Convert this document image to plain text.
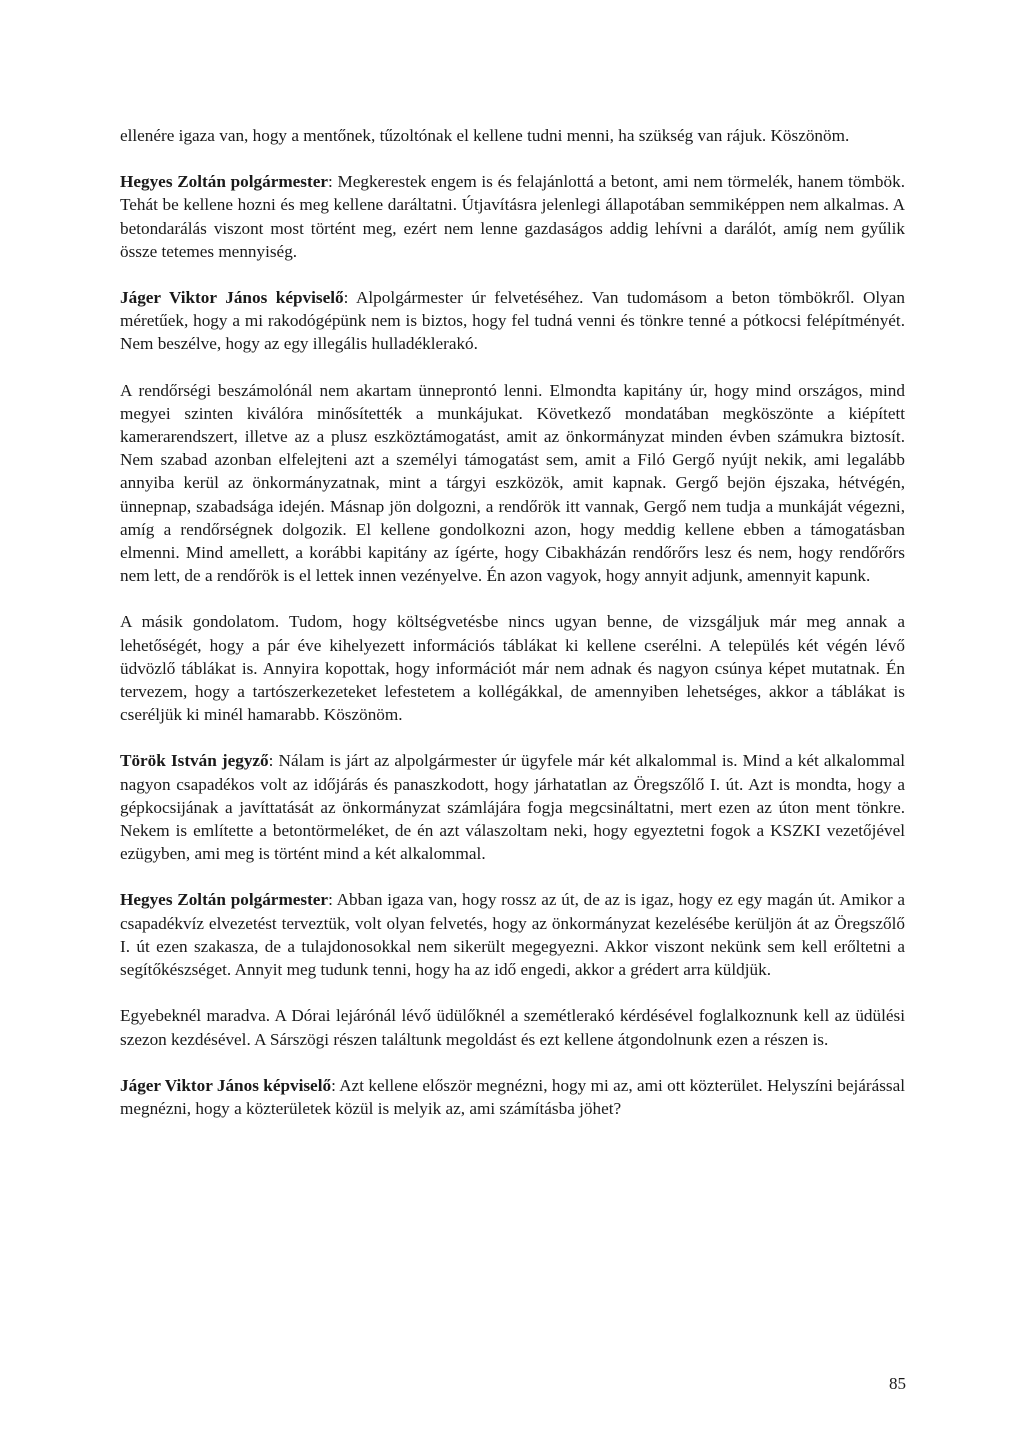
ellenére igaza van, hogy a mentőnek, tűzoltónak el kellene tudni menni, ha szükség van rájuk. Köszönöm.

Hegyes Zoltán polgármester: Megkerestek engem is és felajánlottá a betont, ami nem törmelék, hanem tömbök. Tehát be kellene hozni és meg kellene daráltatni. Útjavításra jelenlegi állapotában semmiképpen nem alkalmas. A betondarálás viszont most történt meg, ezért nem lenne gazdaságos addig lehívni a darálót, amíg nem gyűlik össze tetemes mennyiség.

Jáger Viktor János képviselő: Alpolgármester úr felvetéséhez. Van tudomásom a beton tömbökről. Olyan méretűek, hogy a mi rakodógépünk nem is biztos, hogy fel tudná venni és tönkre tenné a pótkocsi felépítményét. Nem beszélve, hogy az egy illegális hulladéklerakó.

A rendőrségi beszámolónál nem akartam ünneprontó lenni. Elmondta kapitány úr, hogy mind országos, mind megyei szinten kiválóra minősítették a munkájukat. Következő mondatában megköszönte a kiépített kamerarendszert, illetve az a plusz eszköztámogatást, amit az önkormányzat minden évben számukra biztosít. Nem szabad azonban elfelejteni azt a személyi támogatást sem, amit a Filó Gergő nyújt nekik, ami legalább annyiba kerül az önkormányzatnak, mint a tárgyi eszközök, amit kapnak. Gergő bejön éjszaka, hétvégén, ünnepnap, szabadsága idején. Másnap jön dolgozni, a rendőrök itt vannak, Gergő nem tudja a munkáját végezni, amíg a rendőrségnek dolgozik. El kellene gondolkozni azon, hogy meddig kellene ebben a támogatásban elmenni. Mind amellett, a korábbi kapitány az ígérte, hogy Cibakházán rendőrőrs lesz és nem, hogy rendőrőrs nem lett, de a rendőrök is el lettek innen vezényelve. Én azon vagyok, hogy annyit adjunk, amennyit kapunk.

A másik gondolatom. Tudom, hogy költségvetésbe nincs ugyan benne, de vizsgáljuk már meg annak a lehetőségét, hogy a pár éve kihelyezett információs táblákat ki kellene cserélni. A település két végén lévő üdvözlő táblákat is. Annyira kopottak, hogy információt már nem adnak és nagyon csúnya képet mutatnak. Én tervezem, hogy a tartószerkezeteket lefestetem a kollégákkal, de amennyiben lehetséges, akkor a táblákat is cseréljük ki minél hamarabb. Köszönöm.

Török István jegyző: Nálam is járt az alpolgármester úr ügyfele már két alkalommal is. Mind a két alkalommal nagyon csapadékos volt az időjárás és panaszkodott, hogy járhatatlan az Öregszőlő I. út. Azt is mondta, hogy a gépkocsijának a javíttatását az önkormányzat számlájára fogja megcsináltatni, mert ezen az úton ment tönkre. Nekem is említette a betontörmeléket, de én azt válaszoltam neki, hogy egyeztetni fogok a KSZKI vezetőjével ezügyben, ami meg is történt mind a két alkalommal.

Hegyes Zoltán polgármester: Abban igaza van, hogy rossz az út, de az is igaz, hogy ez egy magán út. Amikor a csapadékvíz elvezetést terveztük, volt olyan felvetés, hogy az önkormányzat kezelésébe kerüljön át az Öregszőlő I. út ezen szakasza, de a tulajdonosokkal nem sikerült megegyezni. Akkor viszont nekünk sem kell erőltetni a segítőkészséget. Annyit meg tudunk tenni, hogy ha az idő engedi, akkor a grédert arra küldjük.

Egyebeknél maradva. A Dórai lejárónál lévő üdülőknél a szemétlerakó kérdésével foglalkoznunk kell az üdülési szezon kezdésével. A Sárszögi részen találtunk megoldást és ezt kellene átgondolnunk ezen a részen is.

Jáger Viktor János képviselő: Azt kellene először megnézni, hogy mi az, ami ott közterület. Helyszíni bejárással megnézni, hogy a közterületek közül is melyik az, ami számításba jöhet?

85
